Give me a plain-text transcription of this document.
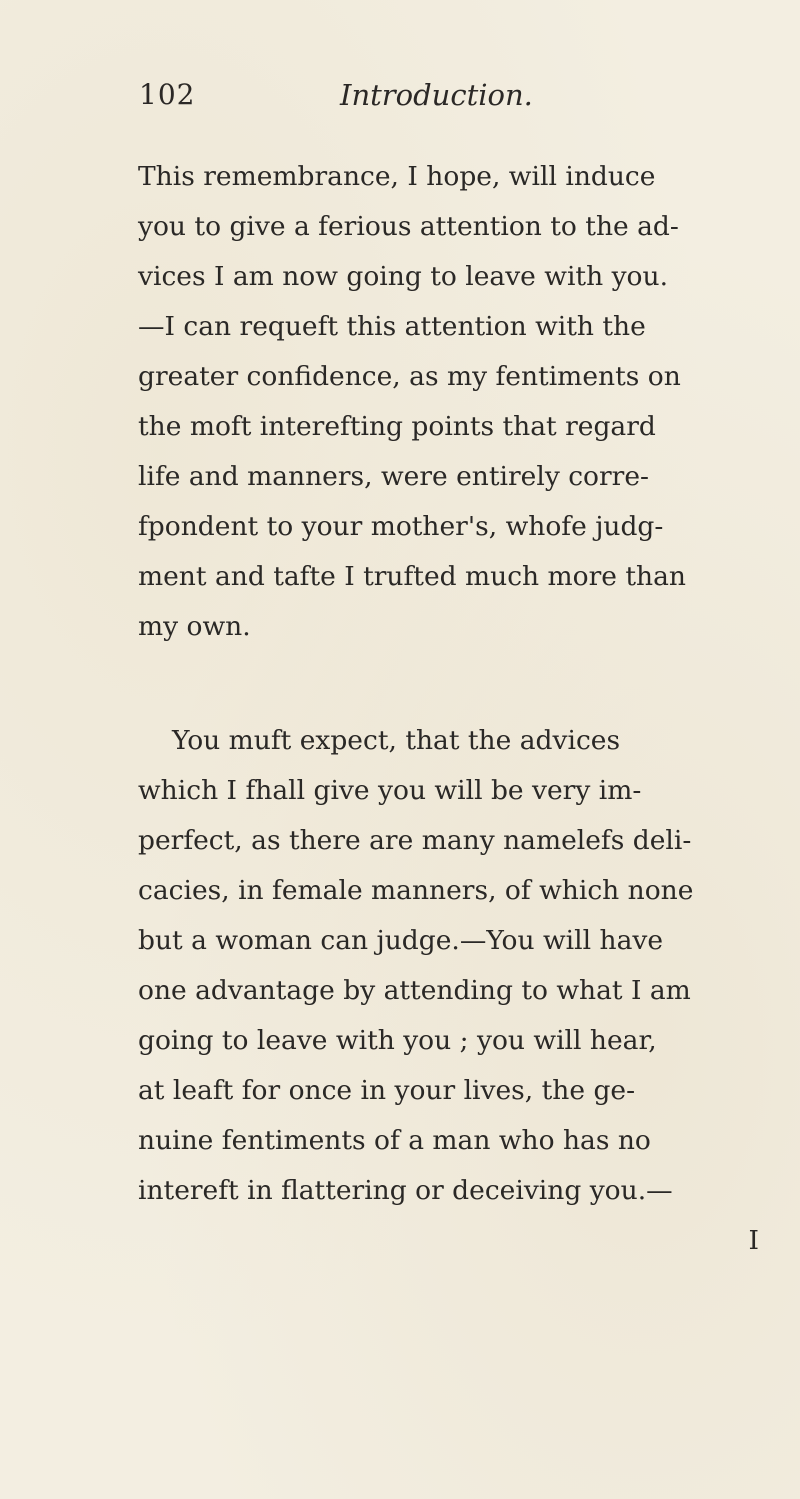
102	Introduction.
This remembrance, I hope, will induce
you to give a ferious attention to the ad-
vices I am now going to leave with you.
—I can requeft this attention with the
greater confidence, as my fentiments on
the moft interefting points that regard
life and manners, were entirely corre-
fpondent to your mother's, whofe judg-
ment and tafte I trufted much more than
my own.
You muft expect, that the advices
which I fhall give you will be very im-
perfect, as there are many namelefs deli-
cacies, in female manners, of which none
but a woman can judge.—You will have
one advantage by attending to what I am
going to leave with you ; you will hear,
at leaft for once in your lives, the ge-
nuine fentiments of a man who has no
intereft in flattering or deceiving you.—
I
